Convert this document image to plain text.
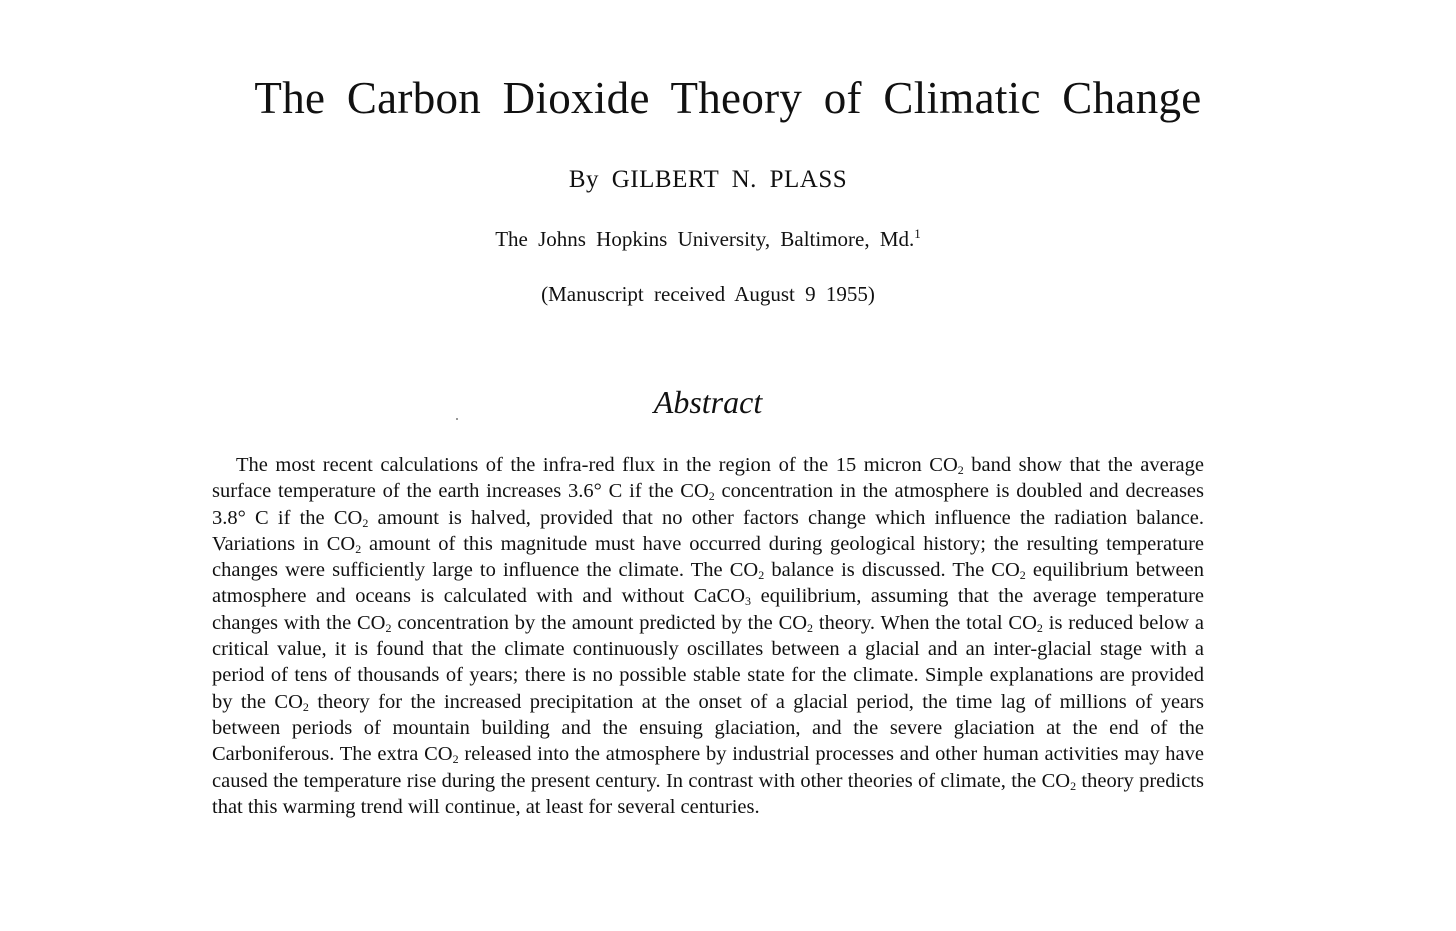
The Carbon Dioxide Theory of Climatic Change
By GILBERT N. PLASS
The Johns Hopkins University, Baltimore, Md.$^1$
(Manuscript received August 9 1955)
Abstract

The most recent calculations of the infra-red flux in the region of the 15 micron $CO_2$ band show that the average surface temperature of the earth increases 3.6° C if the $CO_2$ concentration in the atmosphere is doubled and decreases 3.8° C if the $CO_2$ amount is halved, provided that no other factors change which influence the radiation balance. Variations in $CO_2$ amount of this magnitude must have occurred during geological history; the resulting temperature changes were sufficiently large to influence the climate. The $CO_2$ balance is discussed. The $CO_2$ equilibrium between atmosphere and oceans is calculated with and without CaCO$_3$ equilibrium, assuming that the average temperature changes with the $CO_2$ concentration by the amount predicted by the $CO_2$ theory. When the total $CO_2$ is reduced below a critical value, it is found that the climate continuously oscillates between a glacial and an inter-glacial stage with a period of tens of thousands of years; there is no possible stable state for the climate. Simple explanations are provided by the $CO_2$ theory for the increased precipitation at the onset of a glacial period, the time lag of millions of years between periods of mountain building and the ensuing glaciation, and the severe glaciation at the end of the Carboniferous. The extra $CO_2$ released into the atmosphere by industrial processes and other human activities may have caused the temperature rise during the present century. In contrast with other theories of climate, the $CO_2$ theory predicts that this warming trend will continue, at least for several centuries.
